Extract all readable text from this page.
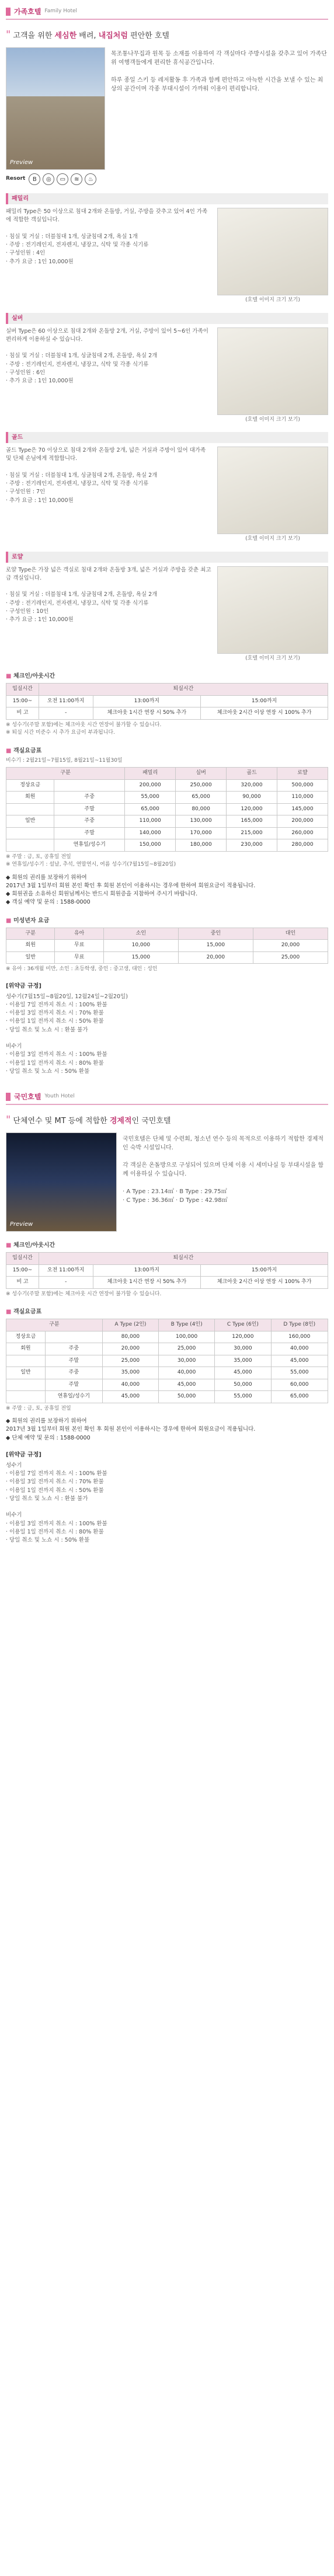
가족호텔 Family Hotel
" 고객을 위한 세심한 배려, 내집처럼 편안한 호텔
Preview
Resort	B	◎	▭	≋	♨
목조통나무집과 원목 등 소재를 이용하여 각 객실마다 주방시설을 갖추고 있어 가족단위 여행객들에게 편리한 휴식공간입니다.

하루 종일 스키 등 레저활동 후 가족과 함께 편안하고 아늑한 시간을 보낼 수 있는 최상의 공간이며 각종 부대시설이 가까워 이용이 편리합니다.
패밀리
패밀리 Type은 50 이상으로 침대 2개와 온돌방, 거실, 주방을 갖추고 있어 4인 가족에 적합한 객실입니다.

· 침실 및 거실 : 더블침대 1개, 싱글침대 2개, 욕실 1개
· 주방 : 전기레인지, 전자렌지, 냉장고, 식탁 및 각종 식기류
· 구성인원 : 4인
· 추가 요금 : 1인 10,000원
(호텔 이미지 크기 보기)
실버
실버 Type은 60 이상으로 침대 2개와 온돌방 2개, 거실, 주방이 있어 5~6인 가족이 편리하게 이용하실 수 있습니다.

· 침실 및 거실 : 더블침대 1개, 싱글침대 2개, 온돌방, 욕실 2개
· 주방 : 전기레인지, 전자렌지, 냉장고, 식탁 및 각종 식기류
· 구성인원 : 6인
· 추가 요금 : 1인 10,000원
(호텔 이미지 크기 보기)
골드
골드 Type은 70 이상으로 침대 2개와 온돌방 2개, 넓은 거실과 주방이 있어 대가족 및 단체 손님에게 적합합니다.

· 침실 및 거실 : 더블침대 1개, 싱글침대 2개, 온돌방, 욕실 2개
· 주방 : 전기레인지, 전자렌지, 냉장고, 식탁 및 각종 식기류
· 구성인원 : 7인
· 추가 요금 : 1인 10,000원
(호텔 이미지 크기 보기)
로얄
로얄 Type은 가장 넓은 객실로 침대 2개와 온돌방 3개, 넓은 거실과 주방을 갖춘 최고급 객실입니다.

· 침실 및 거실 : 더블침대 1개, 싱글침대 2개, 온돌방, 욕실 2개
· 주방 : 전기레인지, 전자렌지, 냉장고, 식탁 및 각종 식기류
· 구성인원 : 10인
· 추가 요금 : 1인 10,000원
(호텔 이미지 크기 보기)
■ 체크인/아웃시간
입실시간	퇴실시간		
15:00~	오전 11:00까지	13:00까지	15:00까지
비 고	-	체크아웃 1시간 연장 시 50% 추가	체크아웃 2시간 이상 연장 시 100% 추가
※ 성수기(주말 포함)에는 체크아웃 시간 연장이 불가할 수 있습니다.
※ 퇴실 시간 미준수 시 추가 요금이 부과됩니다.
■ 객실요금표
비수기 : 2월21일~7월15일, 8월21일~11월30일
구분		패밀리	실버	골드	로얄
정상요금		200,000	250,000	320,000	500,000
회원	주중	55,000	65,000	90,000	110,000
	주말	65,000	80,000	120,000	145,000
일반	주중	110,000	130,000	165,000	200,000
	주말	140,000	170,000	215,000	260,000
	연휴일/성수기	150,000	180,000	230,000	280,000
※ 주말 : 금, 토, 공휴일 전일
※ 연휴일/성수기 : 설날, 추석, 연말연시, 여름 성수기(7월15일~8월20일)
◆ 회원의 권리를 보장하기 위하여
2017년 3월 1일부터 회원 본인 확인 후 회원 본인이 이용하시는 경우에 한하여 회원요금이 적용됩니다.
◆ 회원권을 소유하신 회원님께서는 반드시 회원증을 지참하여 주시기 바랍니다.
◆ 객실 예약 및 문의 : 1588-0000
■ 미성년자 요금
구분	유아	소인	중인	대인
회원	무료	10,000	15,000	20,000
일반	무료	15,000	20,000	25,000
※ 유아 : 36개월 미만, 소인 : 초등학생, 중인 : 중고생, 대인 : 성인
[위약금 규정]
성수기(7월15일~8월20일, 12월24일~2월20일)
· 이용일 7일 전까지 취소 시 : 100% 환불
· 이용일 3일 전까지 취소 시 : 70% 환불
· 이용일 1일 전까지 취소 시 : 50% 환불
· 당일 취소 및 노쇼 시 : 환불 불가

비수기
· 이용일 3일 전까지 취소 시 : 100% 환불
· 이용일 1일 전까지 취소 시 : 80% 환불
· 당일 취소 및 노쇼 시 : 50% 환불
국민호텔 Youth Hotel
" 단체연수 및 MT 등에 적합한 경제적인 국민호텔
Preview
국민호텔은 단체 및 수련회, 청소년 연수 등의 목적으로 이용하기 적합한 경제적인 숙박 시설입니다.

각 객실은 온돌방으로 구성되어 있으며 단체 이용 시 세미나실 등 부대시설을 함께 이용하실 수 있습니다.

· A Type : 23.14㎡ · B Type : 29.75㎡
· C Type : 36.36㎡ · D Type : 42.98㎡
■ 체크인/아웃시간
입실시간	퇴실시간		
15:00~	오전 11:00까지	13:00까지	15:00까지
비 고	-	체크아웃 1시간 연장 시 50% 추가	체크아웃 2시간 이상 연장 시 100% 추가
※ 성수기(주말 포함)에는 체크아웃 시간 연장이 불가할 수 있습니다.
■ 객실요금표
구분		A Type (2인)	B Type (4인)	C Type (6인)	D Type (8인)
정상요금		80,000	100,000	120,000	160,000
회원	주중	20,000	25,000	30,000	40,000
	주말	25,000	30,000	35,000	45,000
일반	주중	35,000	40,000	45,000	55,000
	주말	40,000	45,000	50,000	60,000
	연휴일/성수기	45,000	50,000	55,000	65,000
※ 주말 : 금, 토, 공휴일 전일
◆ 회원의 권리를 보장하기 위하여
2017년 3월 1일부터 회원 본인 확인 후 회원 본인이 이용하시는 경우에 한하여 회원요금이 적용됩니다.
◆ 단체 예약 및 문의 : 1588-0000
[위약금 규정]
성수기
· 이용일 7일 전까지 취소 시 : 100% 환불
· 이용일 3일 전까지 취소 시 : 70% 환불
· 이용일 1일 전까지 취소 시 : 50% 환불
· 당일 취소 및 노쇼 시 : 환불 불가

비수기
· 이용일 3일 전까지 취소 시 : 100% 환불
· 이용일 1일 전까지 취소 시 : 80% 환불
· 당일 취소 및 노쇼 시 : 50% 환불
